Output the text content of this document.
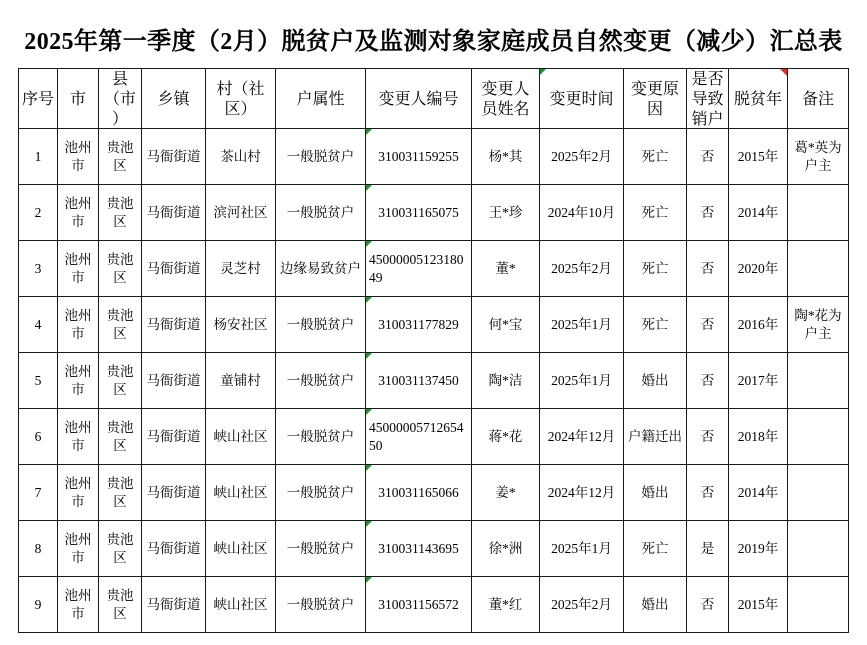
2025年第一季度（2月）脱贫户及监测对象家庭成员自然变更（减少）汇总表
序号 市
县（市）
乡镇
村（社区）
户属性 变更人编号
变更人员姓名
变更时间
变更原因
是否导致销户
脱贫年 备注
1
池州市
贵池区
马衙街道 茶山村 一般脱贫户 310031159255 杨*其 2025年2月 死亡 否 2015年
葛*英为户主
2
池州市
贵池区
马衙街道 滨河社区 一般脱贫户 310031165075 王*珍 2024年10月 死亡 否 2014年
3
池州市
贵池区
马衙街道 灵芝村 边缘易致贫户
4500000512318049
董*	2025年2月 死亡 否 2020年
4
池州市
贵池区
马衙街道 杨安社区 一般脱贫户 310031177829 何*宝 2025年1月 死亡 否 2016年
陶*花为户主
5
池州市
贵池区
马衙街道 童铺村 一般脱贫户 310031137450 陶*洁 2025年1月 婚出 否 2017年
6
池州市
贵池区
马衙街道 峡山社区 一般脱贫户
4500000571265450
蒋*花 2024年12月 户籍迁出 否 2018年
7
池州市
贵池区
马衙街道 峡山社区 一般脱贫户 310031165066	姜* 2024年12月 婚出 否 2014年
8
池州市
贵池区
马衙街道 峡山社区 一般脱贫户 310031143695 徐*洲 2025年1月 死亡 是 2019年
9
池州市
贵池区
马衙街道 峡山社区 一般脱贫户 310031156572 董*红 2025年2月 婚出 否 2015年
